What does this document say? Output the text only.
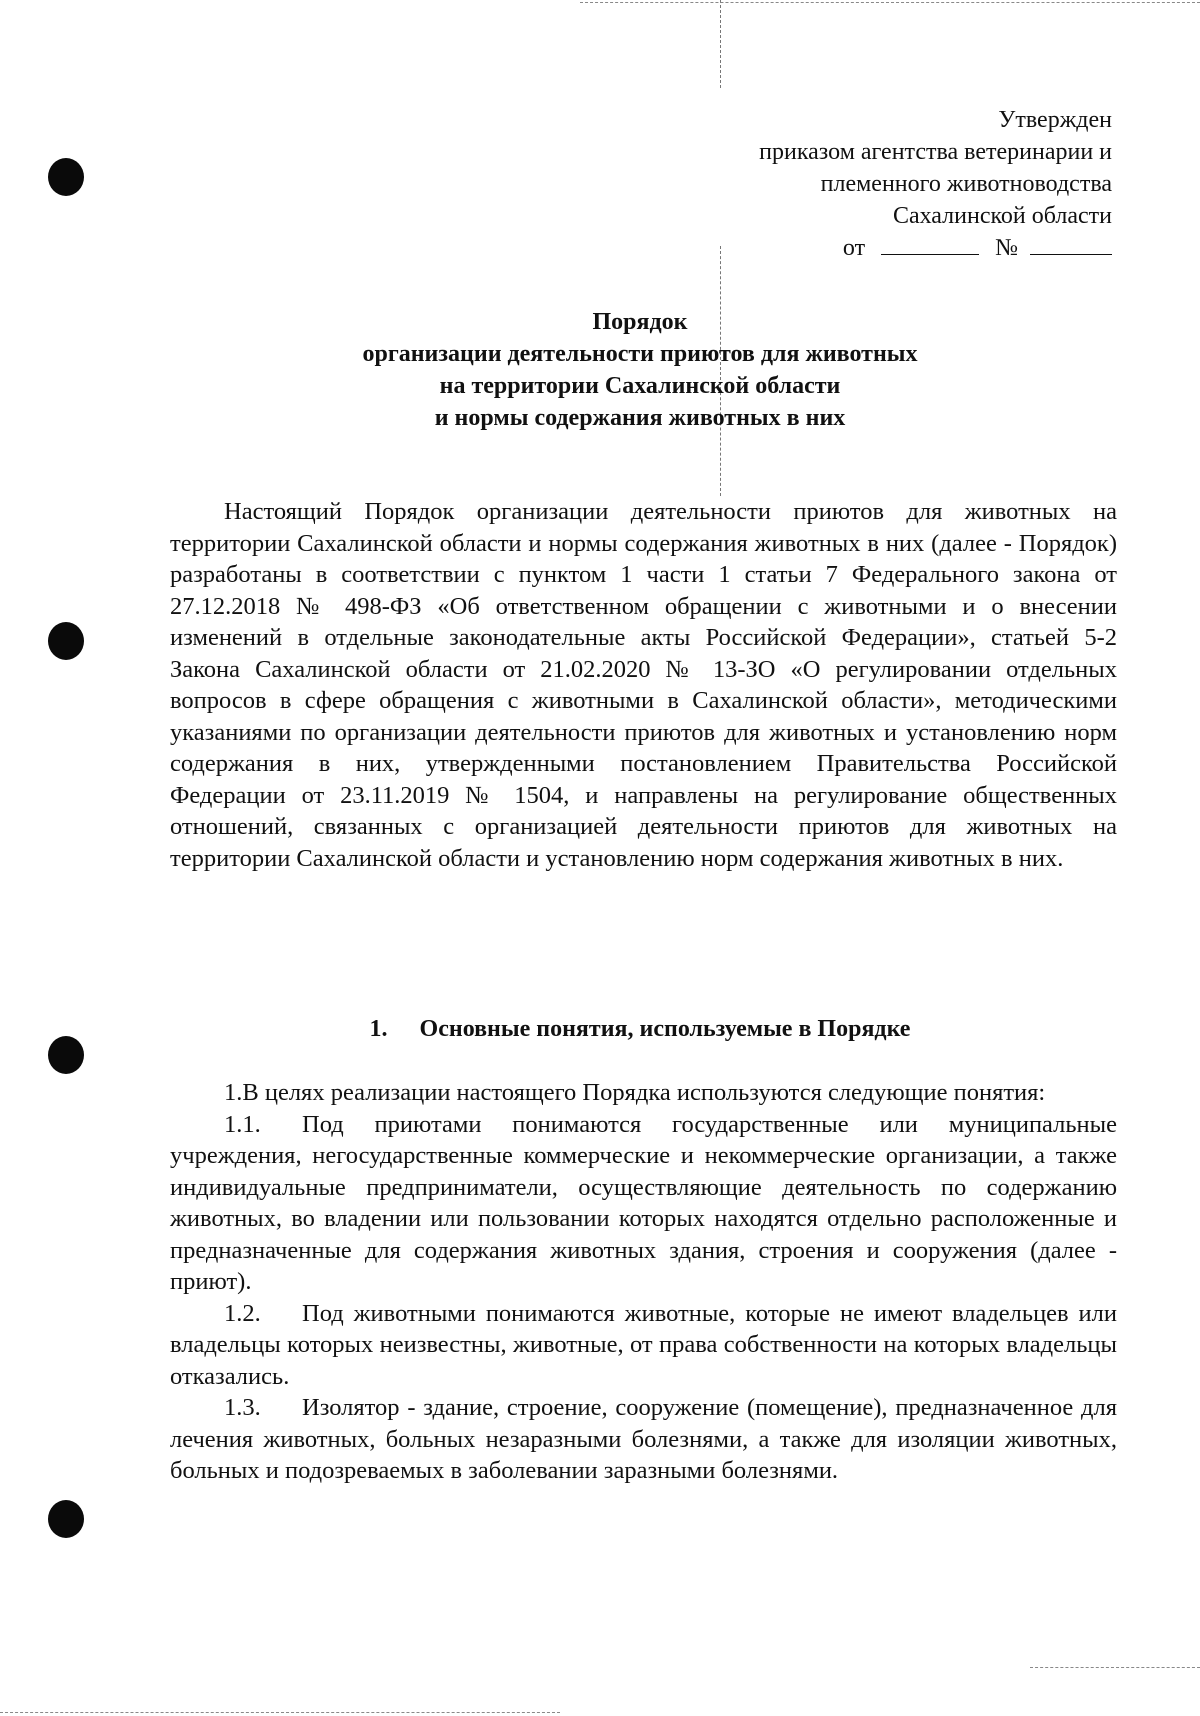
Утвержден
приказом агентства ветеринарии и
племенного животноводства
Сахалинской области
от	№
Порядок
организации деятельности приютов для животных
на территории Сахалинской области
и нормы содержания животных в них

Настоящий Порядок организации деятельности приютов для животных на территории Сахалинской области и нормы содержания животных в них (далее - Порядок) разработаны в соответствии с пунктом 1 части 1 статьи 7 Федерального закона от 27.12.2018 № 498-ФЗ «Об ответственном обращении с животными и о внесении изменений в отдельные законодательные акты Российской Федерации», статьей 5-2 Закона Сахалинской области от 21.02.2020 № 13-ЗО «О регулировании отдельных вопросов в сфере обращения с животными в Сахалинской области», методическими указаниями по организации деятельности приютов для животных и установлению норм содержания в них, утвержденными постановлением Правительства Российской Федерации от 23.11.2019 № 1504, и направлены на регулирование общественных отношений, связанных с организацией деятельности приютов для животных на территории Сахалинской области и установлению норм содержания животных в них.

1. Основные понятия, используемые в Порядке

1.В целях реализации настоящего Порядка используются следующие понятия:

1.1. Под приютами понимаются государственные или муниципальные учреждения, негосударственные коммерческие и некоммерческие организации, а также индивидуальные предприниматели, осуществляющие деятельность по содержанию животных, во владении или пользовании которых находятся отдельно расположенные и предназначенные для содержания животных здания, строения и сооружения (далее - приют).

1.2. Под животными понимаются животные, которые не имеют владельцев или владельцы которых неизвестны, животные, от права собственности на которых владельцы отказались.

1.3. Изолятор - здание, строение, сооружение (помещение), предназначенное для лечения животных, больных незаразными болезнями, а также для изоляции животных, больных и подозреваемых в заболевании заразными болезнями.
